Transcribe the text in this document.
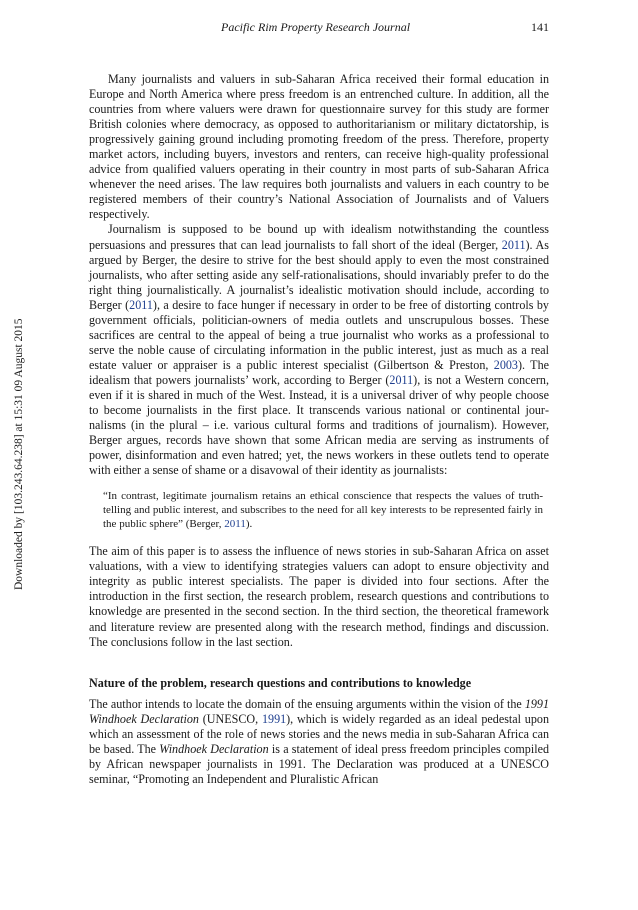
Pacific Rim Property Research Journal	141
Downloaded by [103.243.64.238] at 15:31 09 August 2015

Many journalists and valuers in sub-Saharan Africa received their formal education in Europe and North America where press freedom is an entrenched culture. In addition, all the countries from where valuers were drawn for questionnaire survey for this study are former British colonies where democracy, as opposed to authoritarianism or military dictatorship, is progressively gaining ground including promoting freedom of the press. Therefore, property market actors, including buyers, investors and renters, can receive high-quality professional advice from qualified valuers operating in their country in most parts of sub-Saharan Africa whenever the need arises. The law requires both journalists and valuers in each country to be registered members of their country’s National Association of Journalists and of Valuers respectively.

Journalism is supposed to be bound up with idealism notwithstanding the countless persuasions and pressures that can lead journalists to fall short of the ideal (Berger, 2011). As argued by Berger, the desire to strive for the best should apply to even the most constrained journalists, who after setting aside any self-rationalisations, should invariably prefer to do the right thing journalistically. A journalist’s idealistic motivation should include, according to Berger (2011), a desire to face hunger if necessary in order to be free of distorting controls by government officials, politician-owners of media outlets and unscrupulous bosses. These sacrifices are central to the appeal of being a true journalist who works as a professional to serve the noble cause of circulating information in the public interest, just as much as a real estate valuer or appraiser is a public interest specialist (Gilbertson & Preston, 2003). The idealism that powers journalists’ work, according to Berger (2011), is not a Western concern, even if it is shared in much of the West. Instead, it is a universal driver of why people choose to become journalists in the first place. It transcends various national or continental journalisms (in the plural – i.e. various cultural forms and traditions of journalism). However, Berger argues, records have shown that some African media are serving as instruments of power, disinformation and even hatred; yet, the news workers in these outlets tend to operate with either a sense of shame or a disavowal of their identity as journalists:

“In contrast, legitimate journalism retains an ethical conscience that respects the values of truth-telling and public interest, and subscribes to the need for all key interests to be represented fairly in the public sphere” (Berger, 2011).

The aim of this paper is to assess the influence of news stories in sub-Saharan Africa on asset valuations, with a view to identifying strategies valuers can adopt to ensure objectivity and integrity as public interest specialists. The paper is divided into four sections. After the introduction in the first section, the research problem, research questions and contributions to knowledge are presented in the second section. In the third section, the theoretical framework and literature review are presented along with the research method, findings and discussion. The conclusions follow in the last section.

Nature of the problem, research questions and contributions to knowledge

The author intends to locate the domain of the ensuing arguments within the vision of the 1991 Windhoek Declaration (UNESCO, 1991), which is widely regarded as an ideal pedestal upon which an assessment of the role of news stories and the news media in sub-Saharan Africa can be based. The Windhoek Declaration is a statement of ideal press freedom principles compiled by African newspaper journalists in 1991. The Declaration was produced at a UNESCO seminar, “Promoting an Independent and Pluralistic African
